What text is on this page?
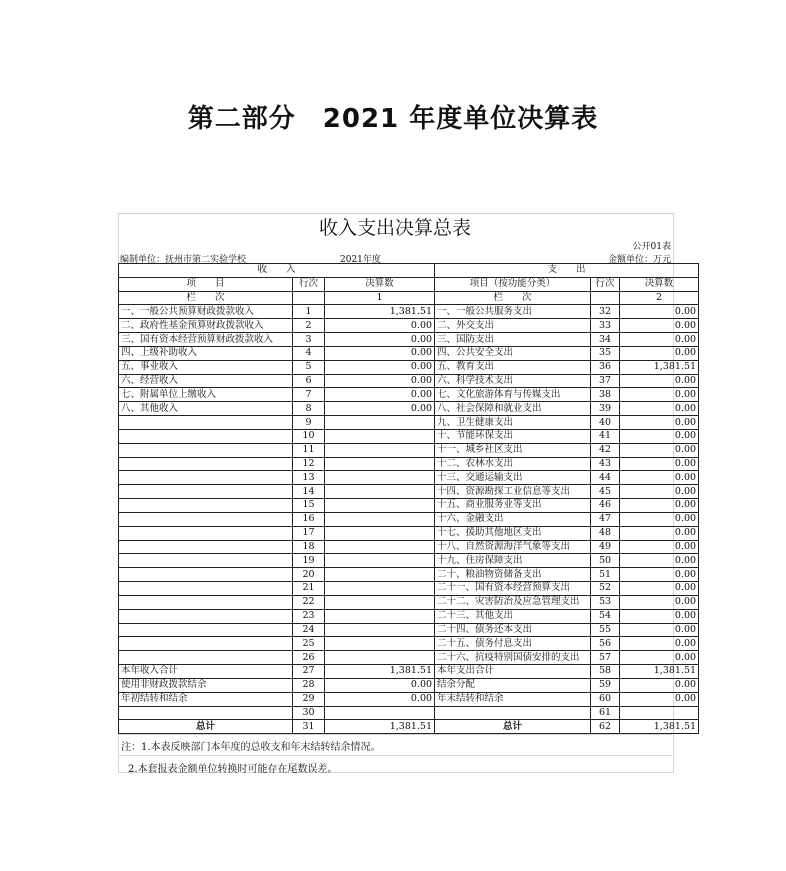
第二部分　2021 年度单位决算表
收入支出决算总表
公开01表
编制单位：抚州市第二实验学校	2021年度	金额单位：万元
收　　入			支　　出		
项　　目	行次	决算数	项目（按功能分类）	行次	决算数
栏　　次		1	栏　　次		2
一、一般公共预算财政拨款收入	1	1,381.51	一、一般公共服务支出	32	0.00
二、政府性基金预算财政拨款收入	2	0.00	二、外交支出	33	0.00
三、国有资本经营预算财政拨款收入	3	0.00	三、国防支出	34	0.00
四、上级补助收入	4	0.00	四、公共安全支出	35	0.00
五、事业收入	5	0.00	五、教育支出	36	1,381.51
六、经营收入	6	0.00	六、科学技术支出	37	0.00
七、附属单位上缴收入	7	0.00	七、文化旅游体育与传媒支出	38	0.00
八、其他收入	8	0.00	八、社会保障和就业支出	39	0.00
	9		九、卫生健康支出	40	0.00
	10		十、节能环保支出	41	0.00
	11		十一、城乡社区支出	42	0.00
	12		十二、农林水支出	43	0.00
	13		十三、交通运输支出	44	0.00
	14		十四、资源勘探工业信息等支出	45	0.00
	15		十五、商业服务业等支出	46	0.00
	16		十六、金融支出	47	0.00
	17		十七、援助其他地区支出	48	0.00
	18		十八、自然资源海洋气象等支出	49	0.00
	19		十九、住房保障支出	50	0.00
	20		二十、粮油物资储备支出	51	0.00
	21		二十一、国有资本经营预算支出	52	0.00
	22		二十二、灾害防治及应急管理支出	53	0.00
	23		二十三、其他支出	54	0.00
	24		二十四、债务还本支出	55	0.00
	25		二十五、债务付息支出	56	0.00
	26		二十六、抗疫特别国债安排的支出	57	0.00
本年收入合计	27	1,381.51	本年支出合计	58	1,381.51
使用非财政拨款结余	28	0.00	结余分配	59	0.00
年初结转和结余	29	0.00	年末结转和结余	60	0.00
	30			61	
总计	31	1,381.51	总计	62	1,381.51
注：1.本表反映部门本年度的总收支和年末结转结余情况。
2.本套报表金额单位转换时可能存在尾数误差。
